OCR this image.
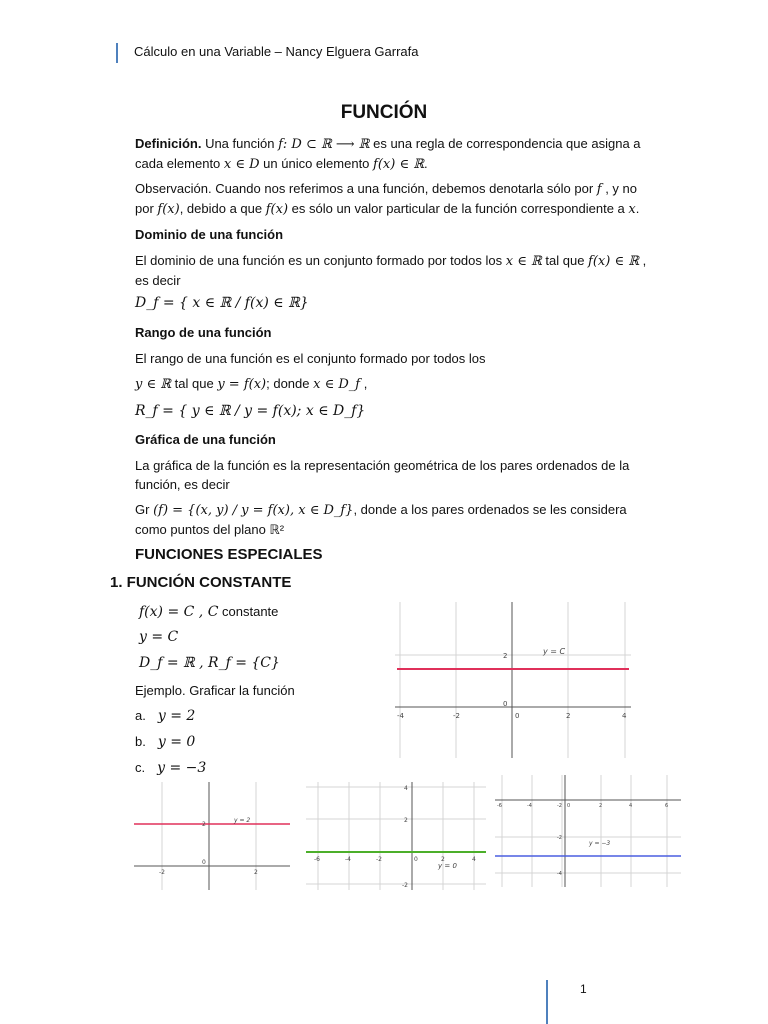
Cálculo en una Variable – Nancy Elguera Garrafa
FUNCIÓN
Definición. Una función f: D ⊂ ℝ ⟶ ℝ es una regla de correspondencia que asigna a
cada elemento x ∈ D un único elemento f(x) ∈ ℝ.
Observación. Cuando nos referimos a una función, debemos denotarla sólo por f , y no
por f(x), debido a que f(x) es sólo un valor particular de la función correspondiente a x.
Dominio de una función
El dominio de una función es un conjunto formado por todos los x ∈ ℝ tal que f(x) ∈ ℝ ,
es decir
D_f = { x ∈ ℝ / f(x) ∈ ℝ}
Rango de una función
El rango de una función es el conjunto formado por todos los
y ∈ ℝ tal que y = f(x); donde x ∈ D_f ,
R_f = { y ∈ ℝ / y = f(x); x ∈ D_f}
Gráfica de una función
La gráfica de la función es la representación geométrica de los pares ordenados de la
función, es decir
Gr (f) = {(x, y) / y = f(x), x ∈ D_f}, donde a los pares ordenados se les considera
como puntos del plano ℝ²
FUNCIONES ESPECIALES
1. FUNCIÓN CONSTANTE
f(x) = C , C constante
y = C
D_f = ℝ , R_f = {C}
Ejemplo. Graficar la función
a. y = 2
b. y = 0
c. y = −3
y = C
2
0
-4	-2	0	2	4
y = 2
2
0
-2	2
4
2
-2
-6	-4	-2	0	2	4
y = 0
-6	-4	-2 0	2	4	6
-2
-4
y = −3
1
